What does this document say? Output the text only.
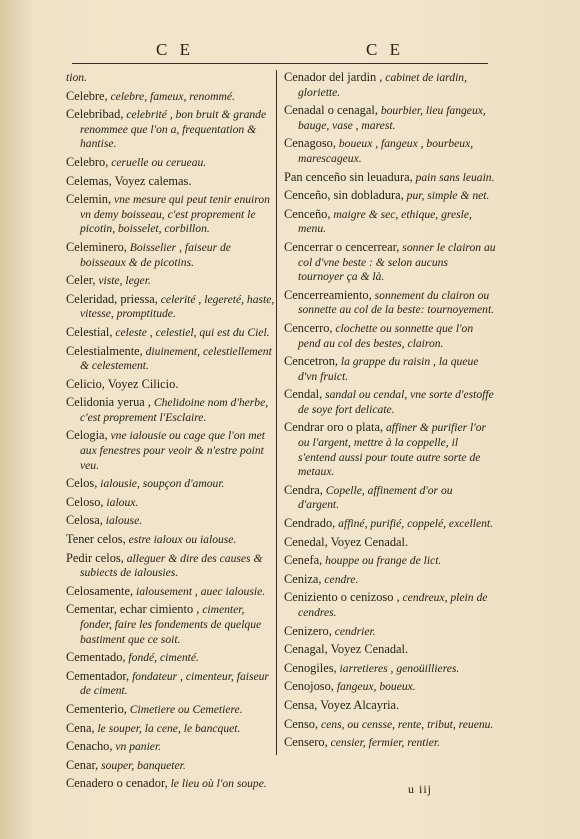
C E	C E
tion.
Celebre, celebre, fameux, renommé.
Celebribad, celebrité , bon bruit & grande renommee que l'on a, frequentation & hantise.
Celebro, ceruelle ou cerueau.
Celemas, Voyez calemas.
Celemin, vne mesure qui peut tenir enuiron vn demy boisseau, c'est proprement le picotin, boisselet, corbillon.
Celeminero, Boisselier , faiseur de boisseaux & de picotins.
Celer, viste, leger.
Celeridad, priessa, celerité , legereté, haste, vitesse, promptitude.
Celestial, celeste , celestiel, qui est du Ciel.
Celestialmente, diuinement, celestiellement & celestement.
Celicio, Voyez Cilicio.
Celidonia yerua , Chelidoine nom d'herbe, c'est proprement l'Esclaire.
Celogia, vne ialousie ou cage que l'on met aux fenestres pour veoir & n'estre point veu.
Celos, ialousie, soupçon d'amour.
Celoso, ialoux.
Celosa, ialouse.
Tener celos, estre ialoux ou ialouse.
Pedir celos, alleguer & dire des causes & subiects de ialousies.
Celosamente, ialousement , auec ialousie.
Cementar, echar cimiento , cimenter, fonder, faire les fondements de quelque bastiment que ce soit.
Cementado, fondé, cimenté.
Cementador, fondateur , cimenteur, faiseur de ciment.
Cementerio, Cimetiere ou Cemetiere.
Cena, le souper, la cene, le bancquet.
Cenacho, vn panier.
Cenar, souper, banqueter.
Cenadero o cenador, le lieu où l'on soupe.
Cenador del jardin , cabinet de iardin, gloriette.
Cenadal o cenagal, bourbier, lieu fangeux, bauge, vase , marest.
Cenagoso, boueux , fangeux , bourbeux, marescageux.
Pan cenceño sin leuadura, pain sans leuain.
Cenceño, sin dobladura, pur, simple & net.
Cenceño, maigre & sec, ethique, gresle, menu.
Cencerrar o cencerrear, sonner le clairon au col d'vne beste : & selon aucuns tournoyer ça & là.
Cencerreamiento, sonnement du clairon ou sonnette au col de la beste: tournoyement.
Cencerro, clochette ou sonnette que l'on pend au col des bestes, clairon.
Cencetron, la grappe du raisin , la queue d'vn fruict.
Cendal, sandal ou cendal, vne sorte d'estoffe de soye fort delicate.
Cendrar oro o plata, affiner & purifier l'or ou l'argent, mettre à la coppelle, il s'entend aussi pour toute autre sorte de metaux.
Cendra, Copelle, affinement d'or ou d'argent.
Cendrado, affiné, purifié, coppelé, excellent.
Cenedal, Voyez Cenadal.
Cenefa, houppe ou frange de lict.
Ceniza, cendre.
Ceniziento o cenizoso , cendreux, plein de cendres.
Cenizero, cendrier.
Cenagal, Voyez Cenadal.
Cenogiles, iarretieres , genoüillieres.
Cenojoso, fangeux, boueux.
Censa, Voyez Alcayria.
Censo, cens, ou censse, rente, tribut, reuenu.
Censero, censier, fermier, rentier.
u iij
